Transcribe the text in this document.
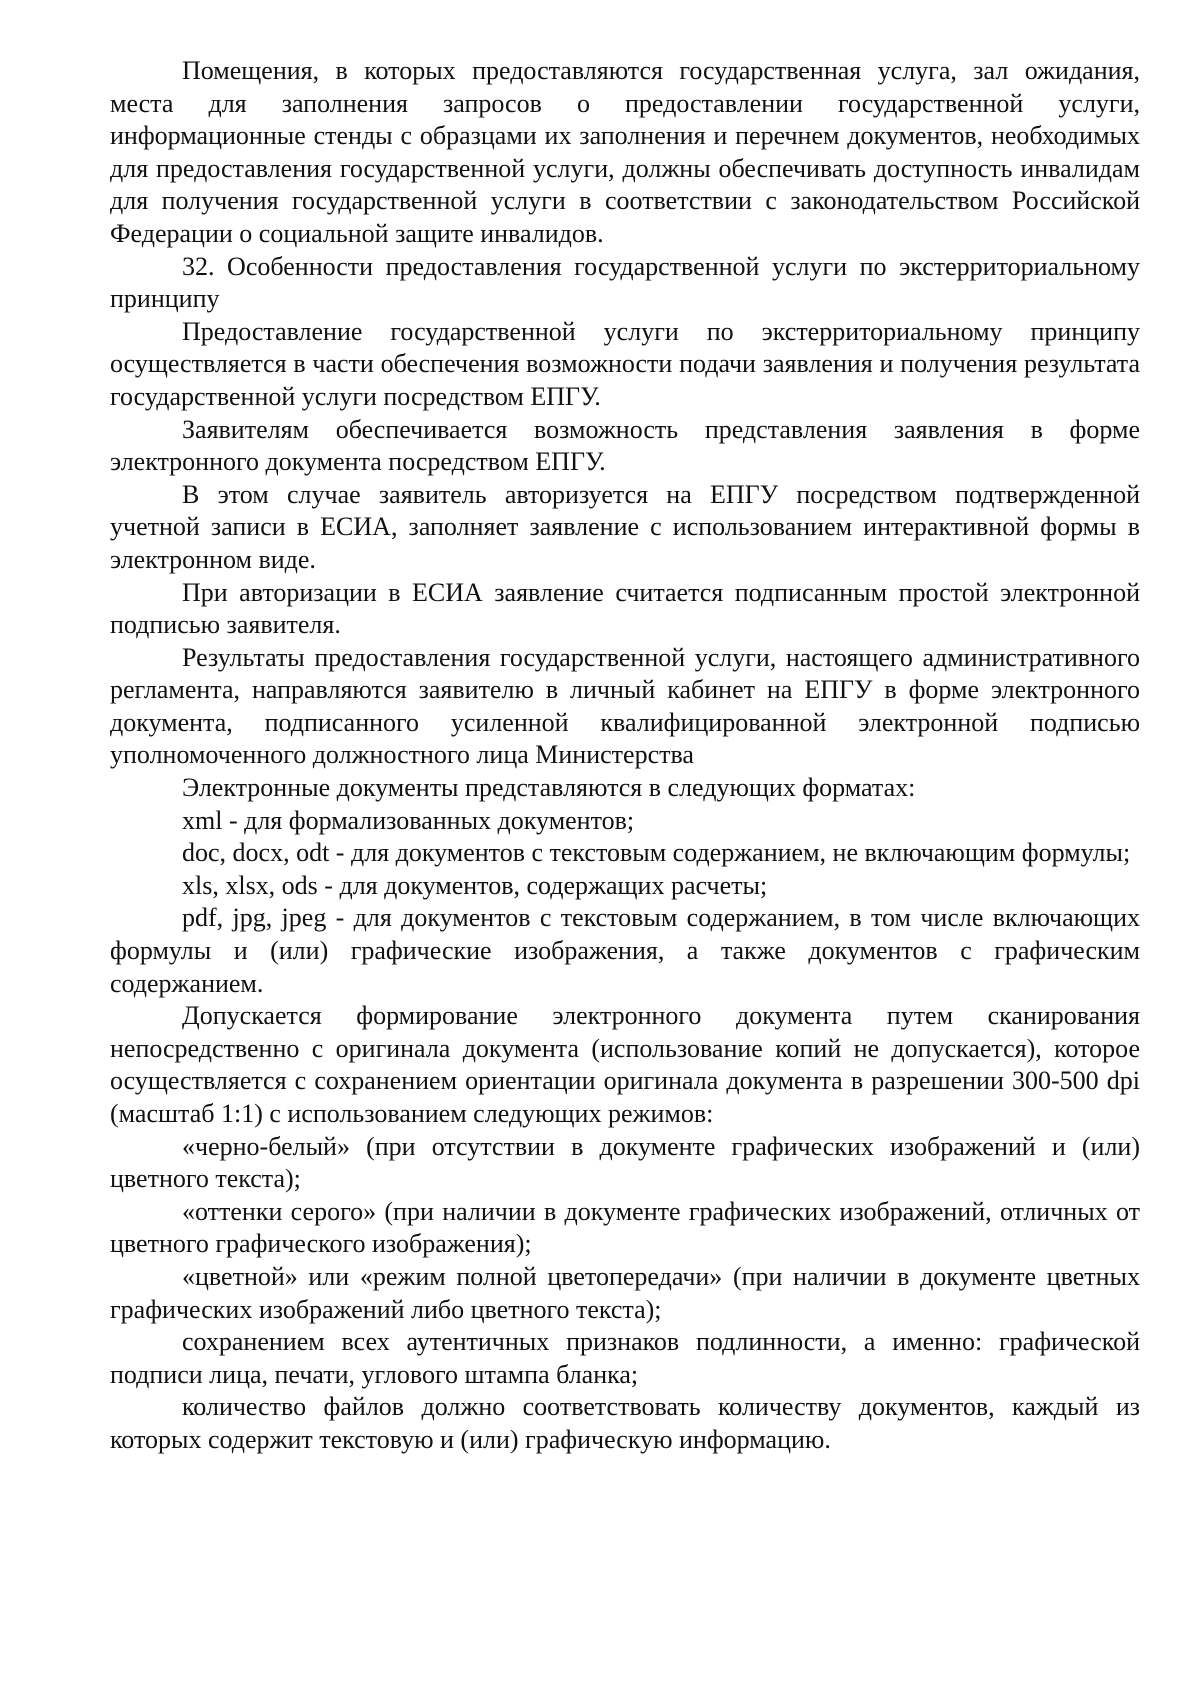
Помещения, в которых предоставляются государственная услуга, зал ожидания, места для заполнения запросов о предоставлении государственной услуги, информационные стенды с образцами их заполнения и перечнем документов, необходимых для предоставления государственной услуги, должны обеспечивать доступность инвалидам для получения государственной услуги в соответствии с законодательством Российской Федерации о социальной защите инвалидов.

32. Особенности предоставления государственной услуги по экстерриториальному принципу

Предоставление государственной услуги по экстерриториальному принципу осуществляется в части обеспечения возможности подачи заявления и получения результата государственной услуги посредством ЕПГУ.

Заявителям обеспечивается возможность представления заявления в форме электронного документа посредством ЕПГУ.

В этом случае заявитель авторизуется на ЕПГУ посредством подтвержденной учетной записи в ЕСИА, заполняет заявление с использованием интерактивной формы в электронном виде.

При авторизации в ЕСИА заявление считается подписанным простой электронной подписью заявителя.

Результаты предоставления государственной услуги, настоящего административного регламента, направляются заявителю в личный кабинет на ЕПГУ в форме электронного документа, подписанного усиленной квалифицированной электронной подписью уполномоченного должностного лица Министерства

Электронные документы представляются в следующих форматах:

xml - для формализованных документов;

doc, docx, odt - для документов с текстовым содержанием, не включающим формулы;

xls, xlsx, ods - для документов, содержащих расчеты;

pdf, jpg, jpeg - для документов с текстовым содержанием, в том числе включающих формулы и (или) графические изображения, а также документов с графическим содержанием.

Допускается формирование электронного документа путем сканирования непосредственно с оригинала документа (использование копий не допускается), которое осуществляется с сохранением ориентации оригинала документа в разрешении 300-500 dpi (масштаб 1:1) с использованием следующих режимов:

«черно-белый» (при отсутствии в документе графических изображений и (или) цветного текста);

«оттенки серого» (при наличии в документе графических изображений, отличных от цветного графического изображения);

«цветной» или «режим полной цветопередачи» (при наличии в документе цветных графических изображений либо цветного текста);

сохранением всех аутентичных признаков подлинности, а именно: графической подписи лица, печати, углового штампа бланка;

количество файлов должно соответствовать количеству документов, каждый из которых содержит текстовую и (или) графическую информацию.
